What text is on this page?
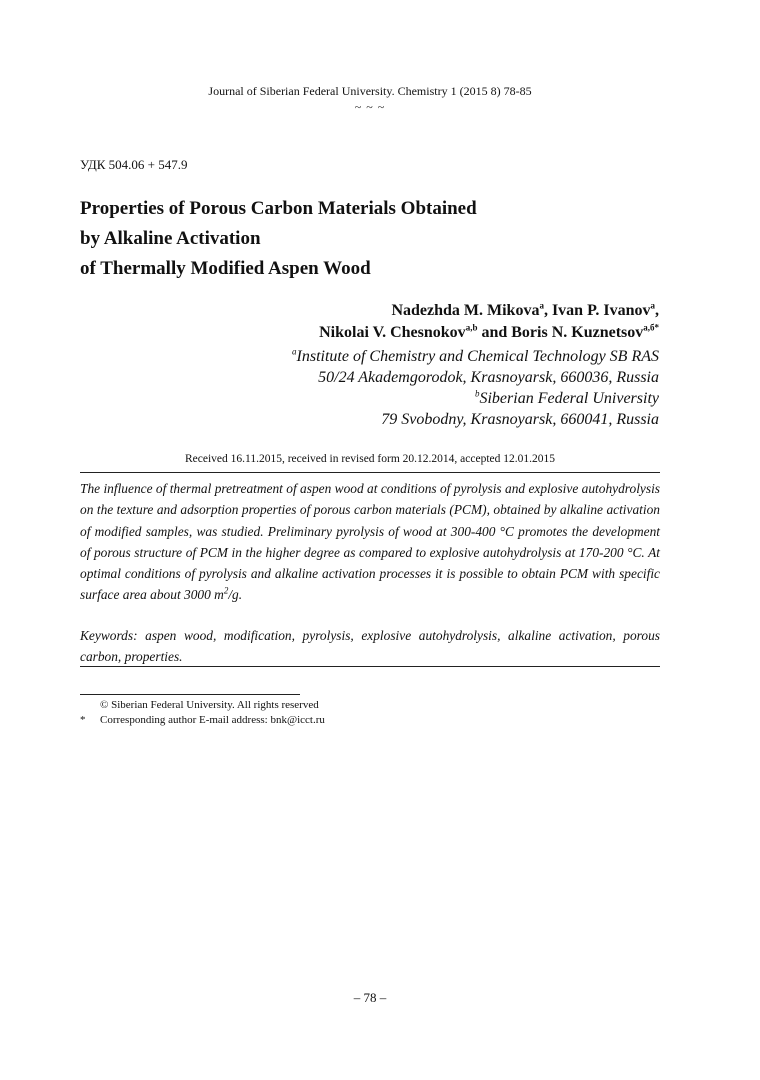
Journal of Siberian Federal University. Chemistry 1 (2015 8) 78-85
~ ~ ~
УДК 504.06 + 547.9
Properties of Porous Carbon Materials Obtained
by Alkaline Activation
of Thermally Modified Aspen Wood
Nadezhda M. Mikova$^a$, Ivan P. Ivanov$^a$,
Nikolai V. Chesnokov$^{a,b}$ and Boris N. Kuznetsov$^{a,б*}$
$^a$Institute of Chemistry and Chemical Technology SB RAS
50/24 Akademgorodok, Krasnoyarsk, 660036, Russia
$^b$Siberian Federal University
79 Svobodny, Krasnoyarsk, 660041, Russia
Received 16.11.2015, received in revised form 20.12.2014, accepted 12.01.2015
The influence of thermal pretreatment of aspen wood at conditions of pyrolysis and explosive autohydrolysis on the texture and adsorption properties of porous carbon materials (PCM), obtained by alkaline activation of modified samples, was studied. Preliminary pyrolysis of wood at 300-400 °C promotes the development of porous structure of PCM in the higher degree as compared to explosive autohydrolysis at 170-200 °C. At optimal conditions of pyrolysis and alkaline activation processes it is possible to obtain PCM with specific surface area about 3000 $m^2/g$.
Keywords: aspen wood, modification, pyrolysis, explosive autohydrolysis, alkaline activation, porous carbon, properties.
© Siberian Federal University. All rights reserved
* Corresponding author E-mail address: bnk@icct.ru
– 78 –
